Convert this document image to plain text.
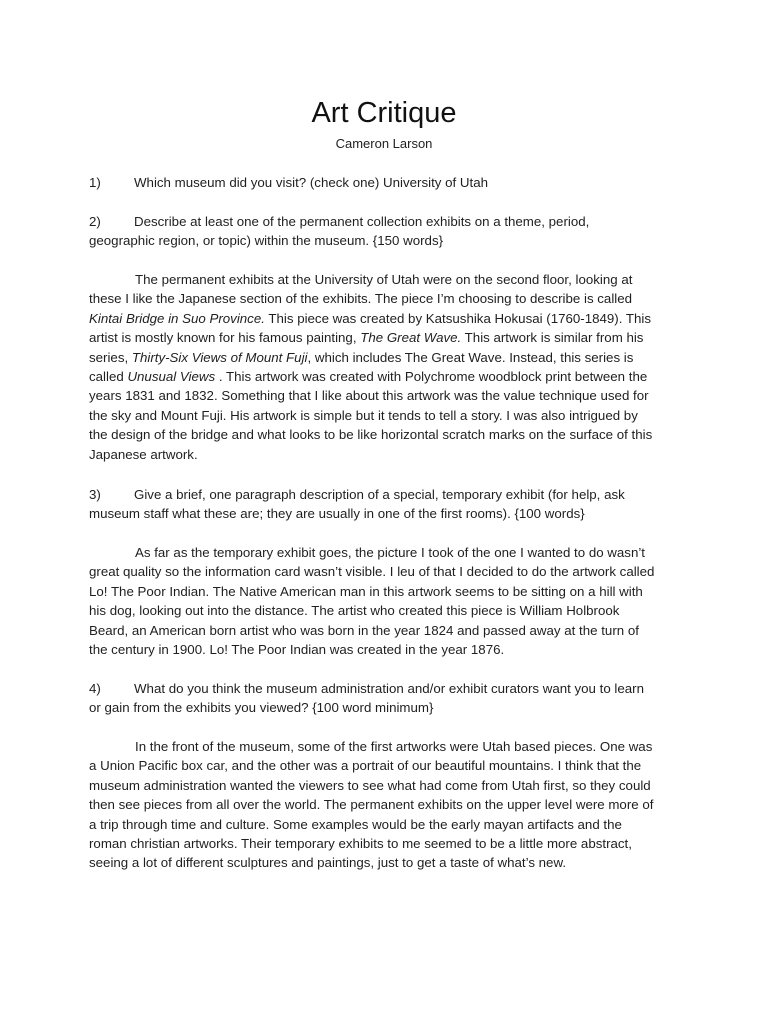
Art Critique
Cameron Larson
1) Which museum did you visit? (check one) University of Utah
2) Describe at least one of the permanent collection exhibits on a theme, period,
geographic region, or topic) within the museum. {150 words}
The permanent exhibits at the University of Utah were on the second floor, looking at
these I like the Japanese section of the exhibits. The piece I’m choosing to describe is called
Kintai Bridge in Suo Province. This piece was created by Katsushika Hokusai (1760-1849). This
artist is mostly known for his famous painting, The Great Wave. This artwork is similar from his
series, Thirty-Six Views of Mount Fuji, which includes The Great Wave. Instead, this series is
called Unusual Views . This artwork was created with Polychrome woodblock print between the
years 1831 and 1832. Something that I like about this artwork was the value technique used for
the sky and Mount Fuji. His artwork is simple but it tends to tell a story. I was also intrigued by
the design of the bridge and what looks to be like horizontal scratch marks on the surface of this
Japanese artwork.
3) Give a brief, one paragraph description of a special, temporary exhibit (for help, ask
museum staff what these are; they are usually in one of the first rooms). {100 words}
As far as the temporary exhibit goes, the picture I took of the one I wanted to do wasn’t
great quality so the information card wasn’t visible. I leu of that I decided to do the artwork called
Lo! The Poor Indian. The Native American man in this artwork seems to be sitting on a hill with
his dog, looking out into the distance. The artist who created this piece is William Holbrook
Beard, an American born artist who was born in the year 1824 and passed away at the turn of
the century in 1900. Lo! The Poor Indian was created in the year 1876.
4) What do you think the museum administration and/or exhibit curators want you to learn
or gain from the exhibits you viewed? {100 word minimum}
In the front of the museum, some of the first artworks were Utah based pieces. One was
a Union Pacific box car, and the other was a portrait of our beautiful mountains. I think that the
museum administration wanted the viewers to see what had come from Utah first, so they could
then see pieces from all over the world. The permanent exhibits on the upper level were more of
a trip through time and culture. Some examples would be the early mayan artifacts and the
roman christian artworks. Their temporary exhibits to me seemed to be a little more abstract,
seeing a lot of different sculptures and paintings, just to get a taste of what’s new.
